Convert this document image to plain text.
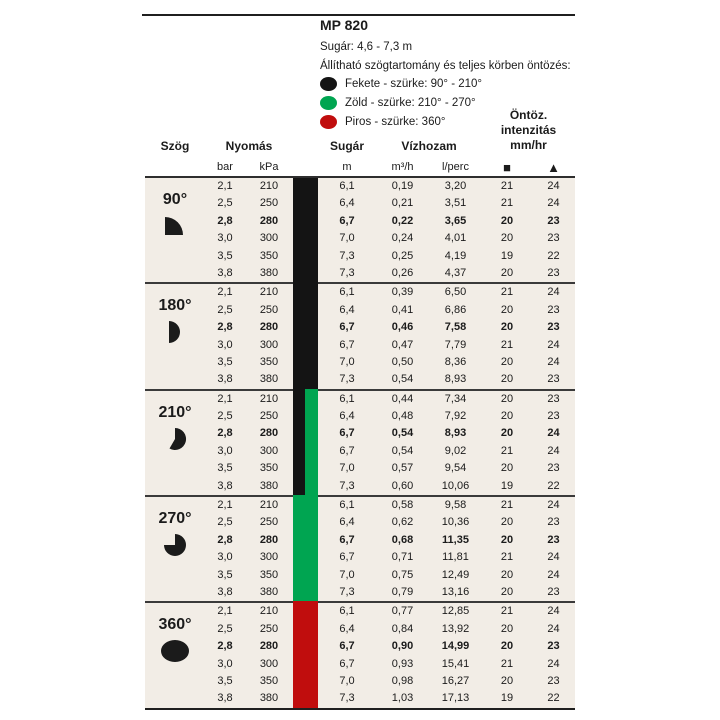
MP 820
Sugár: 4,6 - 7,3 m
Állítható szögtartomány és teljes körben öntözés:
Fekete - szürke: 90° - 210°
Zöld - szürke: 210° - 270°
Piros - szürke: 360°
Szög	Nyomás	Sugár	Vízhozam
Öntöz. intenzitás
mm/hr
bar	kPa	m	m³/h	l/perc	■	▲
90°
2,1	210	6,1	0,19	3,20	21	24
2,5	250	6,4	0,21	3,51	21	24
2,8	280	6,7	0,22	3,65	20	23
3,0	300	7,0	0,24	4,01	20	23
3,5	350	7,3	0,25	4,19	19	22
3,8	380	7,3	0,26	4,37	20	23
180°
2,1	210	6,1	0,39	6,50	21	24
2,5	250	6,4	0,41	6,86	20	23
2,8	280	6,7	0,46	7,58	20	23
3,0	300	6,7	0,47	7,79	21	24
3,5	350	7,0	0,50	8,36	20	24
3,8	380	7,3	0,54	8,93	20	23
210°
2,1	210	6,1	0,44	7,34	20	23
2,5	250	6,4	0,48	7,92	20	23
2,8	280	6,7	0,54	8,93	20	24
3,0	300	6,7	0,54	9,02	21	24
3,5	350	7,0	0,57	9,54	20	23
3,8	380	7,3	0,60	10,06	19	22
270°
2,1	210	6,1	0,58	9,58	21	24
2,5	250	6,4	0,62	10,36	20	23
2,8	280	6,7	0,68	11,35	20	23
3,0	300	6,7	0,71	11,81	21	24
3,5	350	7,0	0,75	12,49	20	24
3,8	380	7,3	0,79	13,16	20	23
360°
2,1	210	6,1	0,77	12,85	21	24
2,5	250	6,4	0,84	13,92	20	24
2,8	280	6,7	0,90	14,99	20	23
3,0	300	6,7	0,93	15,41	21	24
3,5	350	7,0	0,98	16,27	20	23
3,8	380	7,3	1,03	17,13	19	22
